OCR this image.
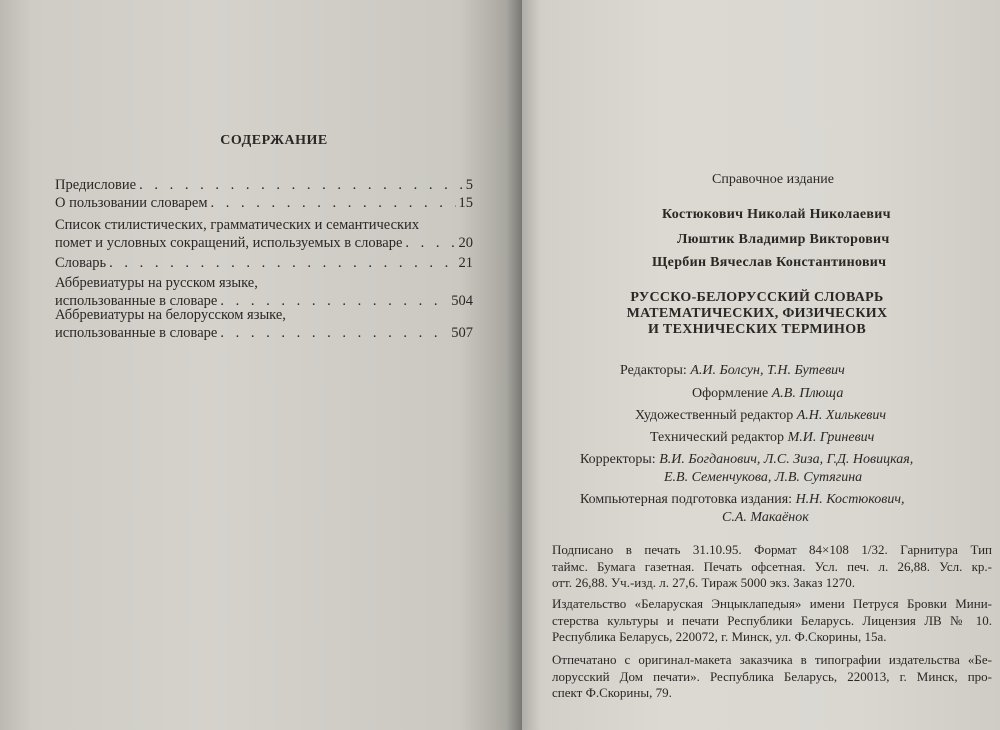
СОДЕРЖАНИЕ
Предисловие . . .	5
О пользовании словарем . . .	15
Список стилистических, грамматических и семантических
помет и условных сокращений, используемых в словаре . . .	20
Словарь . . .	21
Аббревиатуры на русском языке,
использованные в словаре . . .	504
Аббревиатуры на белорусском языке,
использованные в словаре . . .	507
Справочное издание
Костюкович Николай Николаевич
Люштик Владимир Викторович
Щербин Вячеслав Константинович
РУССКО-БЕЛОРУССКИЙ СЛОВАРЬ
МАТЕМАТИЧЕСКИХ, ФИЗИЧЕСКИХ
И ТЕХНИЧЕСКИХ ТЕРМИНОВ
Редакторы: А.И. Болсун, Т.Н. Бутевич
Оформление А.В. Плюща
Художественный редактор А.Н. Хилькевич
Технический редактор М.И. Гриневич
Корректоры: В.И. Богданович, Л.С. Зиза, Г.Д. Новицкая,
Е.В. Семенчукова, Л.В. Сутягина
Компьютерная подготовка издания: Н.Н. Костюкович,
С.А. Макаёнок
Подписано в печать 31.10.95. Формат 84×108 1/32. Гарнитура Тип
таймс. Бумага газетная. Печать офсетная. Усл. печ. л. 26,88. Усл. кр.-
отт. 26,88. Уч.-изд. л. 27,6. Тираж 5000 экз. Заказ 1270.
Издательство «Беларуская Энцыклапедыя» имени Петруся Бровки Мини-
стерства культуры и печати Республики Беларусь. Лицензия ЛВ № 10.
Республика Беларусь, 220072, г. Минск, ул. Ф.Скорины, 15а.
Отпечатано с оригинал-макета заказчика в типографии издательства «Бе-
лорусский Дом печати». Республика Беларусь, 220013, г. Минск, про-
спект Ф.Скорины, 79.
